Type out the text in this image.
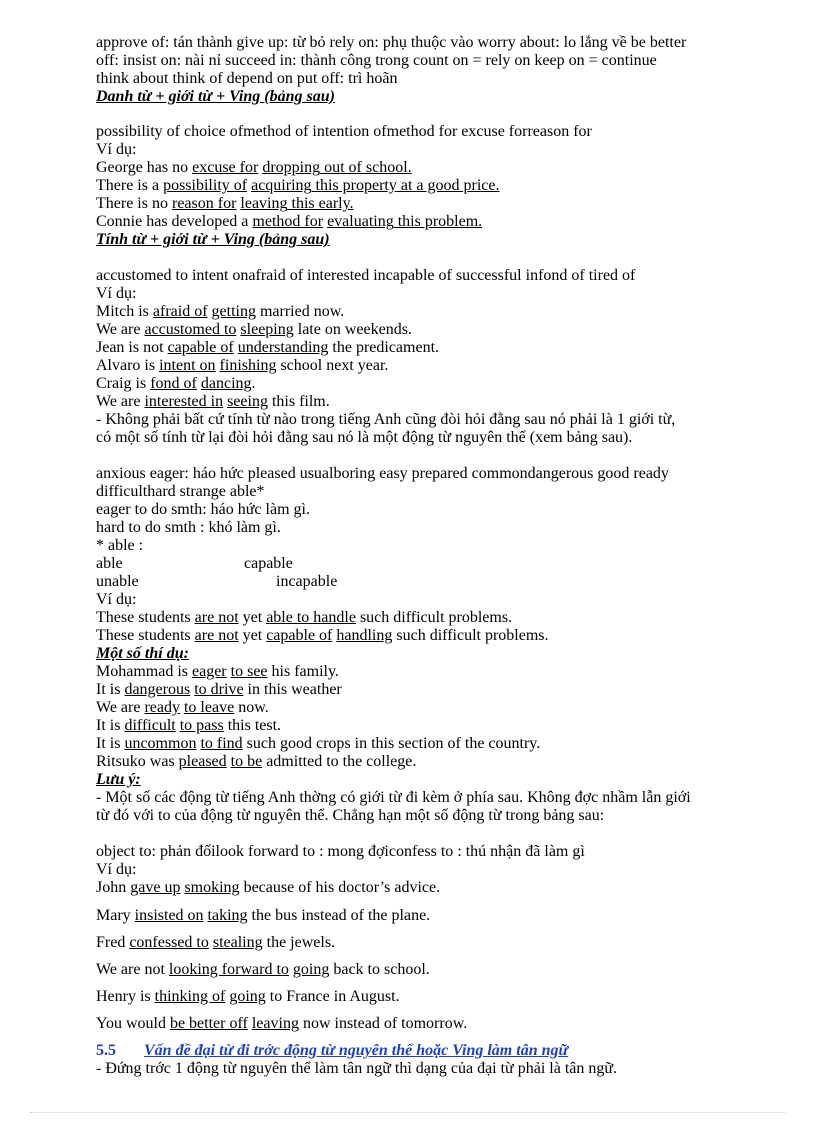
approve of: tán thành give up: từ bỏ rely on: phụ thuộc vào worry about: lo lắng về be better
off: insist on: nài nỉ succeed in: thành công trong count on = rely on keep on = continue
think about think of depend on put off: trì hoãn
Danh từ + giới từ + Ving (bảng sau)
possibility of choice ofmethod of intention ofmethod for excuse forreason for
Ví dụ:
George has no excuse for dropping out of school.
There is a possibility of acquiring this property at a good price.
There is no reason for leaving this early.
Connie has developed a method for evaluating this problem.
Tính từ + giới từ + Ving (bảng sau)
accustomed to intent onafraid of interested incapable of successful infond of tired of
Ví dụ:
Mitch is afraid of getting married now.
We are accustomed to sleeping late on weekends.
Jean is not capable of understanding the predicament.
Alvaro is intent on finishing school next year.
Craig is fond of dancing.
We are interested in seeing this film.
- Không phải bất cứ tính từ nào trong tiếng Anh cũng đòi hỏi đằng sau nó phải là 1 giới từ,
có một số tính từ lại đòi hỏi đằng sau nó là một động từ nguyên thể (xem bảng sau).
anxious eager: háo hức pleased usualboring easy prepared commondangerous good ready
difficulthard strange able*
eager to do smth: háo hức làm gì.
hard to do smth : khó làm gì.
* able :
able	capable
unable	incapable
Ví dụ:
These students are not yet able to handle such difficult problems.
These students are not yet capable of handling such difficult problems.
Một số thí dụ:
Mohammad is eager to see his family.
It is dangerous to drive in this weather
We are ready to leave now.
It is difficult to pass this test.
It is uncommon to find such good crops in this section of the country.
Ritsuko was pleased to be admitted to the college.
Lưu ý:
- Một số các động từ tiếng Anh thờng có giới từ đi kèm ở phía sau. Không đợc nhầm lẫn giới
từ đó với to của động từ nguyên thể. Chẳng hạn một số động từ trong bảng sau:
object to: phản đốilook forward to : mong đợiconfess to : thú nhận đã làm gì
Ví dụ:
John gave up smoking because of his doctor’s advice.
Mary insisted on taking the bus instead of the plane.
Fred confessed to stealing the jewels.
We are not looking forward to going back to school.
Henry is thinking of going to France in August.
You would be better off leaving now instead of tomorrow.
5.5 Vấn đề đại từ đi trớc động từ nguyên thể hoặc Ving làm tân ngữ
- Đứng trớc 1 động từ nguyên thể làm tân ngữ thì dạng của đại từ phải là tân ngữ.
